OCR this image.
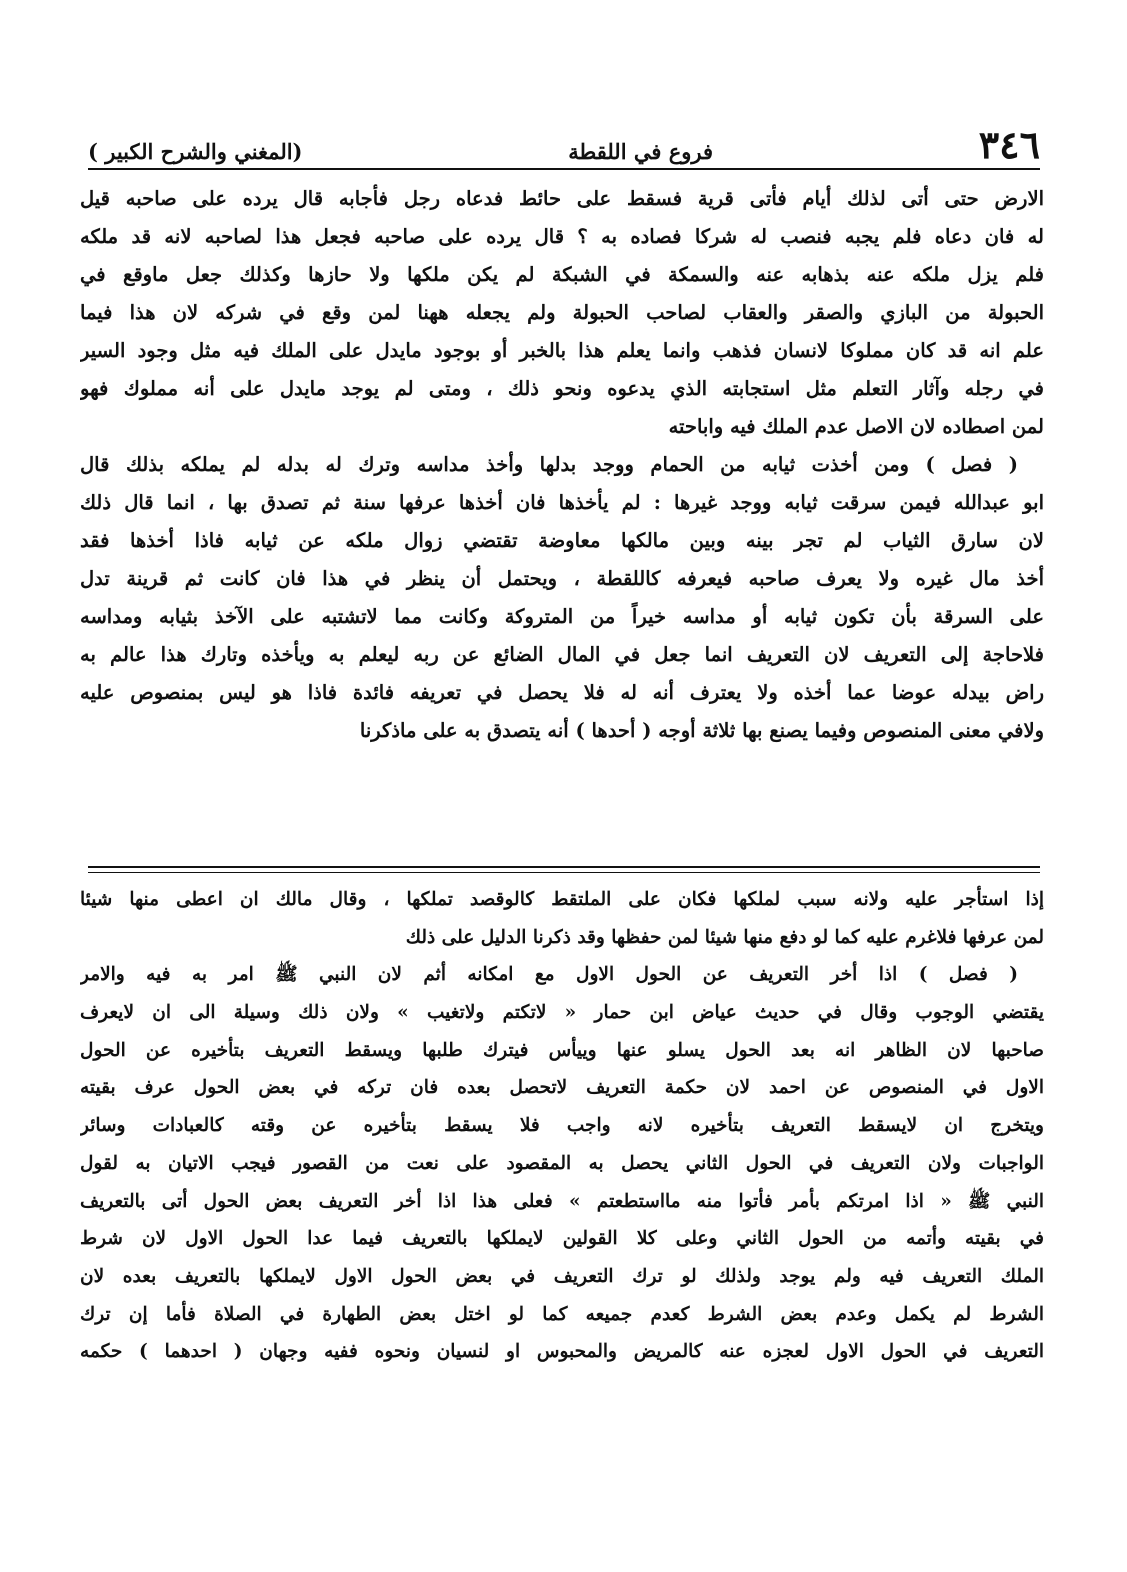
٣٤٦
فروع في اللقطة
(المغني والشرح الكبير )
الارض حتى أتى لذلك أيام فأتى قرية فسقط على حائط فدعاه رجل فأجابه قال يرده على صاحبه قيل
له فان دعاه فلم يجبه فنصب له شركا فصاده به ؟ قال يرده على صاحبه فجعل هذا لصاحبه لانه قد ملكه
فلم يزل ملكه عنه بذهابه عنه والسمكة في الشبكة لم يكن ملكها ولا حازها وكذلك جعل ماوقع في
الحبولة من البازي والصقر والعقاب لصاحب الحبولة ولم يجعله ههنا لمن وقع في شركه لان هذا فيما
علم انه قد كان مملوكا لانسان فذهب وانما يعلم هذا بالخبر أو بوجود مايدل على الملك فيه مثل وجود السير
في رجله وآثار التعلم مثل استجابته الذي يدعوه ونحو ذلك ، ومتى لم يوجد مايدل على أنه مملوك فهو
لمن اصطاده لان الاصل عدم الملك فيه واباحته
( فصل ) ومن أخذت ثيابه من الحمام ووجد بدلها وأخذ مداسه وترك له بدله لم يملكه بذلك قال
ابو عبدالله فيمن سرقت ثيابه ووجد غيرها : لم يأخذها فان أخذها عرفها سنة ثم تصدق بها ، انما قال ذلك
لان سارق الثياب لم تجر بينه وبين مالكها معاوضة تقتضي زوال ملكه عن ثيابه فاذا أخذها فقد
أخذ مال غيره ولا يعرف صاحبه فيعرفه كاللقطة ، ويحتمل أن ينظر في هذا فان كانت ثم قرينة تدل
على السرقة بأن تكون ثيابه أو مداسه خيراً من المتروكة وكانت مما لاتشتبه على الآخذ بثيابه ومداسه
فلاحاجة إلى التعريف لان التعريف انما جعل في المال الضائع عن ربه ليعلم به ويأخذه وتارك هذا عالم به
راض بيدله عوضا عما أخذه ولا يعترف أنه له فلا يحصل في تعريفه فائدة فاذا هو ليس بمنصوص عليه
ولافي معنى المنصوص وفيما يصنع بها ثلاثة أوجه ( أحدها ) أنه يتصدق به على ماذكرنا
إذا استأجر عليه ولانه سبب لملكها فكان على الملتقط كالوقصد تملكها ، وقال مالك ان اعطى منها شيئا
لمن عرفها فلاغرم عليه كما لو دفع منها شيئا لمن حفظها وقد ذكرنا الدليل على ذلك
( فصل ) اذا أخر التعريف عن الحول الاول مع امكانه أثم لان النبي ﷺ امر به فيه والامر
يقتضي الوجوب وقال في حديث عياض ابن حمار « لاتكتم ولاتغيب » ولان ذلك وسيلة الى ان لايعرف
صاحبها لان الظاهر انه بعد الحول يسلو عنها وييأس فيترك طلبها ويسقط التعريف بتأخيره عن الحول
الاول في المنصوص عن احمد لان حكمة التعريف لاتحصل بعده فان تركه في بعض الحول عرف بقيته
ويتخرج ان لايسقط التعريف بتأخيره لانه واجب فلا يسقط بتأخيره عن وقته كالعبادات وسائر
الواجبات ولان التعريف في الحول الثاني يحصل به المقصود على نعت من القصور فيجب الاتيان به لقول
النبي ﷺ « اذا امرتكم بأمر فأتوا منه مااستطعتم » فعلى هذا اذا أخر التعريف بعض الحول أتى بالتعريف
في بقيته وأتمه من الحول الثاني وعلى كلا القولين لايملكها بالتعريف فيما عدا الحول الاول لان شرط
الملك التعريف فيه ولم يوجد ولذلك لو ترك التعريف في بعض الحول الاول لايملكها بالتعريف بعده لان
الشرط لم يكمل وعدم بعض الشرط كعدم جميعه كما لو اختل بعض الطهارة في الصلاة فأما إن ترك
التعريف في الحول الاول لعجزه عنه كالمريض والمحبوس او لنسيان ونحوه ففيه وجهان ( احدهما ) حكمه
